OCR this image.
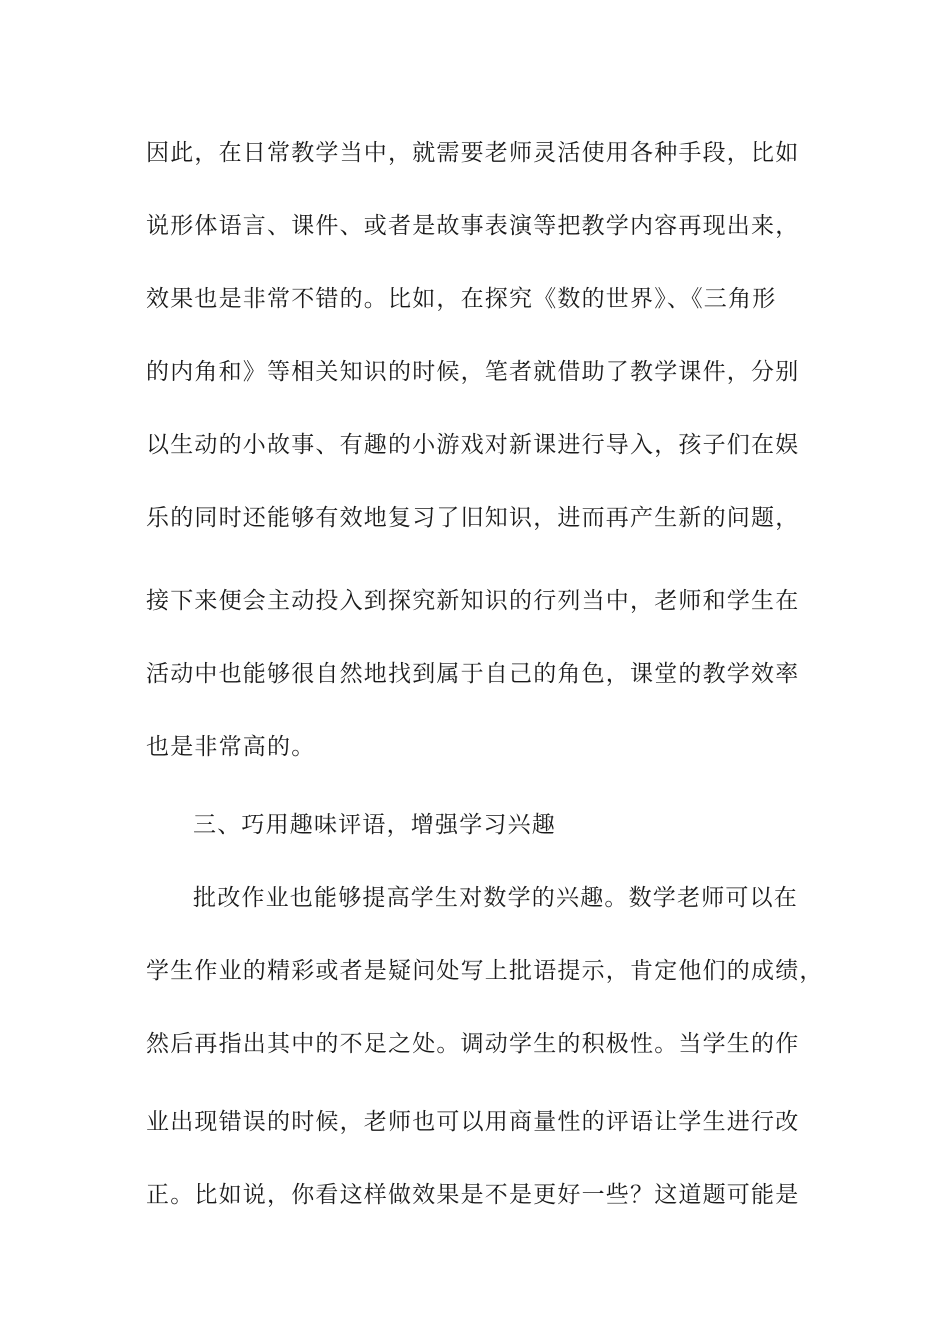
因此，在日常教学当中，就需要老师灵活使用各种手段，比如
说形体语言、课件、或者是故事表演等把教学内容再现出来，
效果也是非常不错的。比如，在探究《数的世界》、《三角形
的内角和》等相关知识的时候，笔者就借助了教学课件，分别
以生动的小故事、有趣的小游戏对新课进行导入，孩子们在娱
乐的同时还能够有效地复习了旧知识，进而再产生新的问题，
接下来便会主动投入到探究新知识的行列当中，老师和学生在
活动中也能够很自然地找到属于自己的角色，课堂的教学效率
也是非常高的。
三、巧用趣味评语，增强学习兴趣
批改作业也能够提高学生对数学的兴趣。数学老师可以在
学生作业的精彩或者是疑问处写上批语提示，肯定他们的成绩，
然后再指出其中的不足之处。调动学生的积极性。当学生的作
业出现错误的时候，老师也可以用商量性的评语让学生进行改
正。比如说，你看这样做效果是不是更好一些？这道题可能是
